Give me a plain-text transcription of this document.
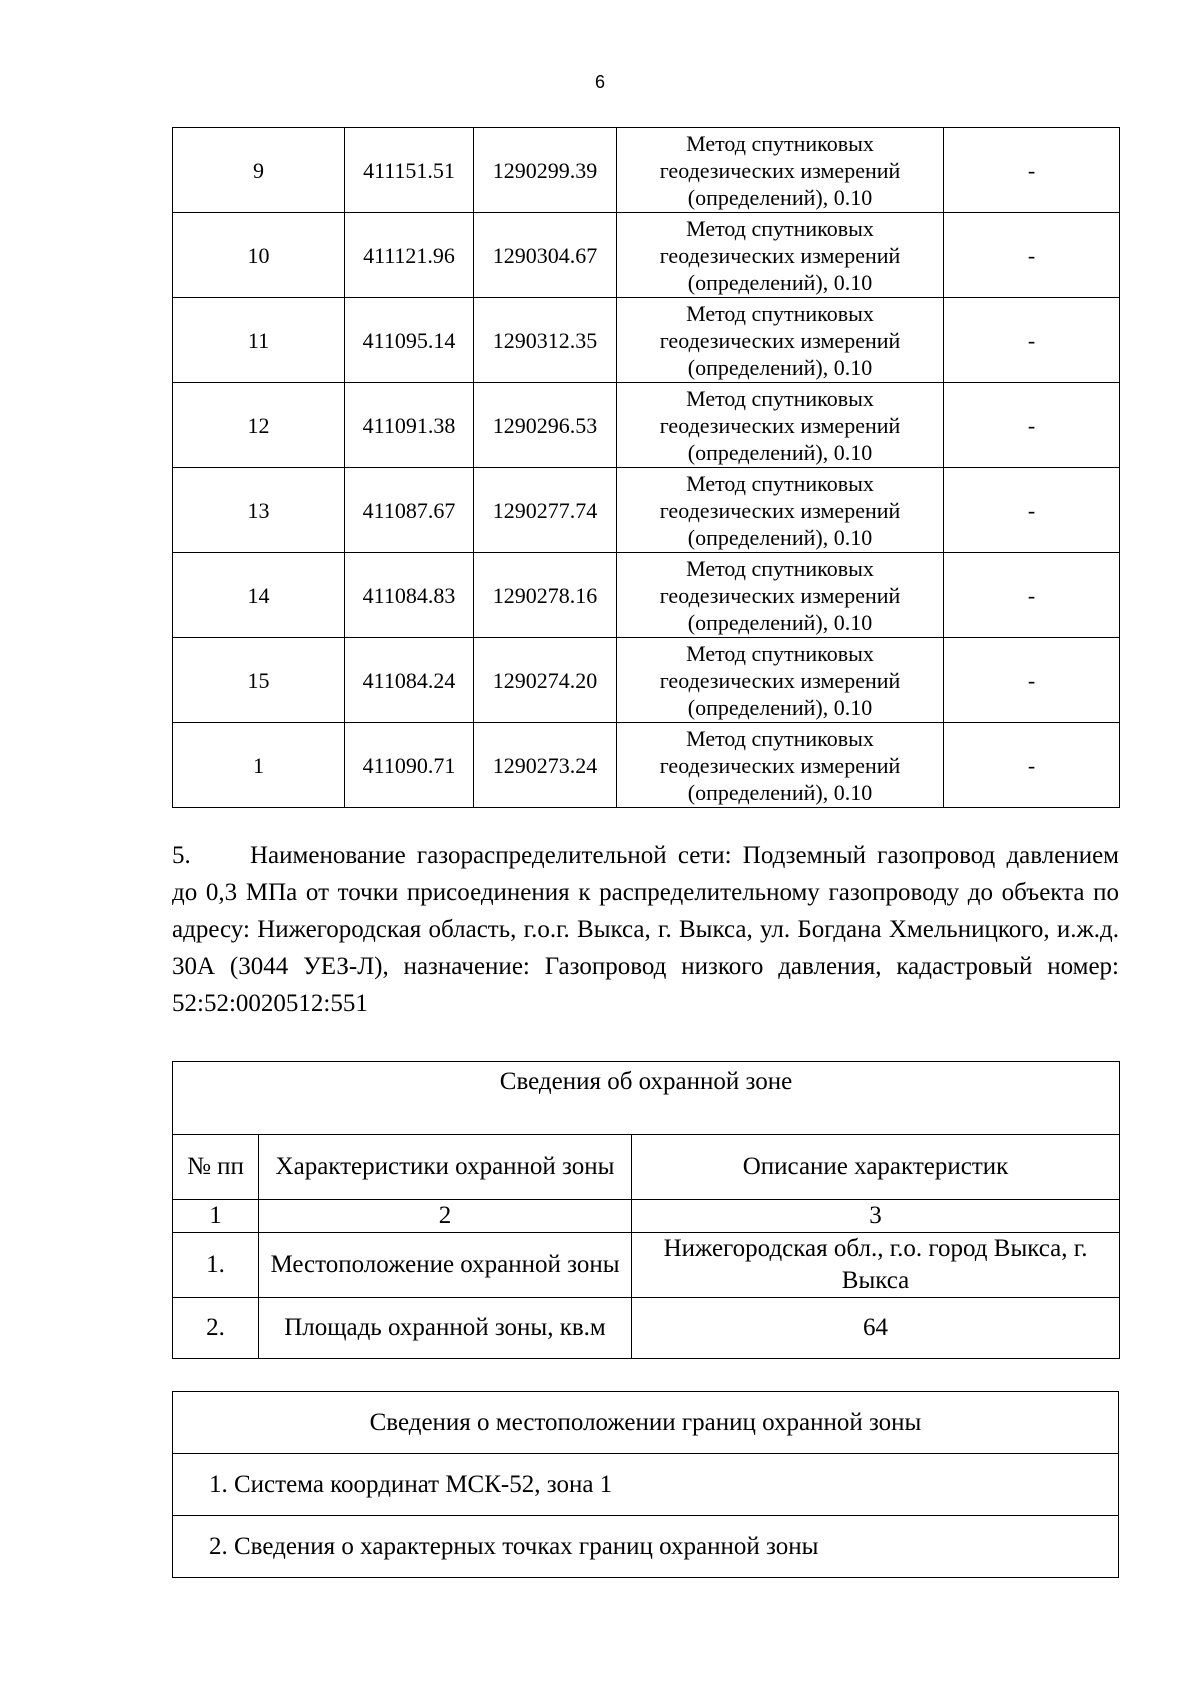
6
9	411151.51	1290299.39	Метод спутниковых
геодезических измерений
(определений), 0.10	-
10	411121.96	1290304.67	Метод спутниковых
геодезических измерений
(определений), 0.10	-
11	411095.14	1290312.35	Метод спутниковых
геодезических измерений
(определений), 0.10	-
12	411091.38	1290296.53	Метод спутниковых
геодезических измерений
(определений), 0.10	-
13	411087.67	1290277.74	Метод спутниковых
геодезических измерений
(определений), 0.10	-
14	411084.83	1290278.16	Метод спутниковых
геодезических измерений
(определений), 0.10	-
15	411084.24	1290274.20	Метод спутниковых
геодезических измерений
(определений), 0.10	-
1	411090.71	1290273.24	Метод спутниковых
геодезических измерений
(определений), 0.10	-
5. Наименование газораспределительной сети: Подземный газопровод давлением до 0,3 МПа от точки присоединения к распределительному газопроводу до объекта по адресу: Нижегородская область, г.о.г. Выкса, г. Выкса, ул. Богдана Хмельницкого, и.ж.д. 30А (3044 УЕЗ-Л), назначение: Газопровод низкого давления, кадастровый номер: 52:52:0020512:551
Сведения об охранной зоне		
№ пп	Характеристики охранной зоны	Описание характеристик
1	2	3
1.	Местоположение охранной зоны	Нижегородская обл., г.о. город Выкса, г. Выкса
2.	Площадь охранной зоны, кв.м	64
Сведения о местоположении границ охранной зоны
1. Система координат МСК-52, зона 1
2. Сведения о характерных точках границ охранной зоны
